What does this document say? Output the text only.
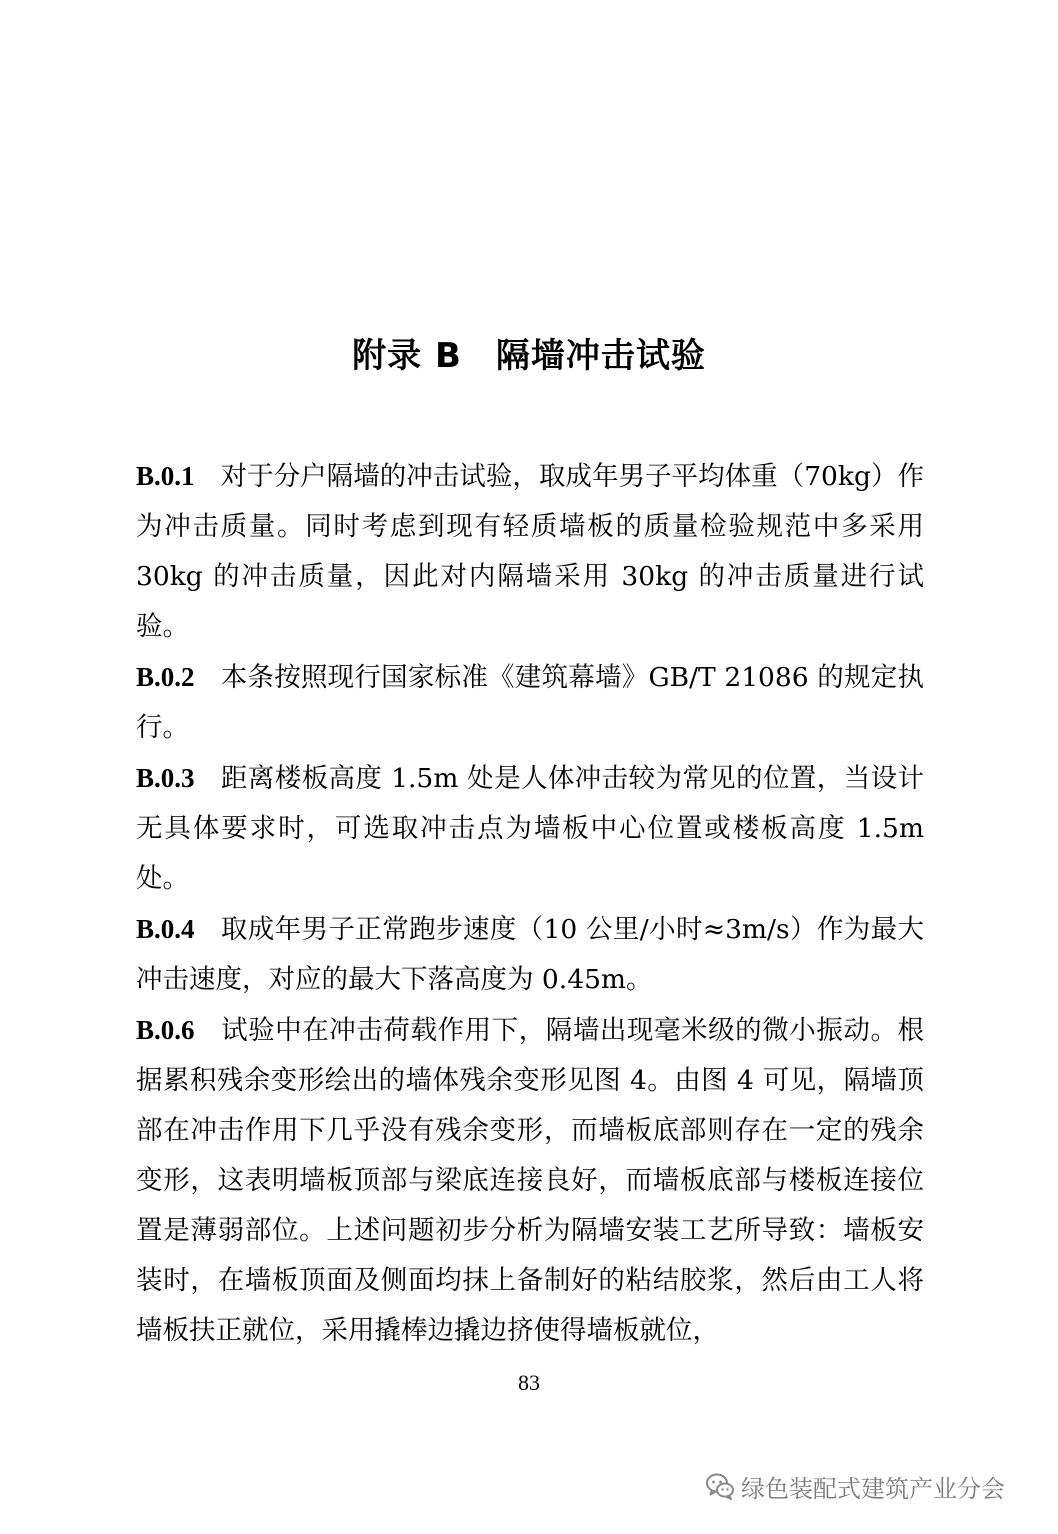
附录 B 隔墙冲击试验

B.0.1 对于分户隔墙的冲击试验，取成年男子平均体重（70kg）作为冲击质量。同时考虑到现有轻质墙板的质量检验规范中多采用 30kg 的冲击质量，因此对内隔墙采用 30kg 的冲击质量进行试验。

B.0.2 本条按照现行国家标准《建筑幕墙》GB/T 21086 的规定执行。

B.0.3 距离楼板高度 1.5m 处是人体冲击较为常见的位置，当设计无具体要求时，可选取冲击点为墙板中心位置或楼板高度 1.5m 处。

B.0.4 取成年男子正常跑步速度（10 公里/小时≈3m/s）作为最大冲击速度，对应的最大下落高度为 0.45m。

B.0.6 试验中在冲击荷载作用下，隔墙出现毫米级的微小振动。根据累积残余变形绘出的墙体残余变形见图 4。由图 4 可见，隔墙顶部在冲击作用下几乎没有残余变形，而墙板底部则存在一定的残余变形，这表明墙板顶部与梁底连接良好，而墙板底部与楼板连接位置是薄弱部位。上述问题初步分析为隔墙安装工艺所导致：墙板安装时，在墙板顶面及侧面均抹上备制好的粘结胶浆，然后由工人将墙板扶正就位，采用撬棒边撬边挤使得墙板就位，

83
绿色装配式建筑产业分会
